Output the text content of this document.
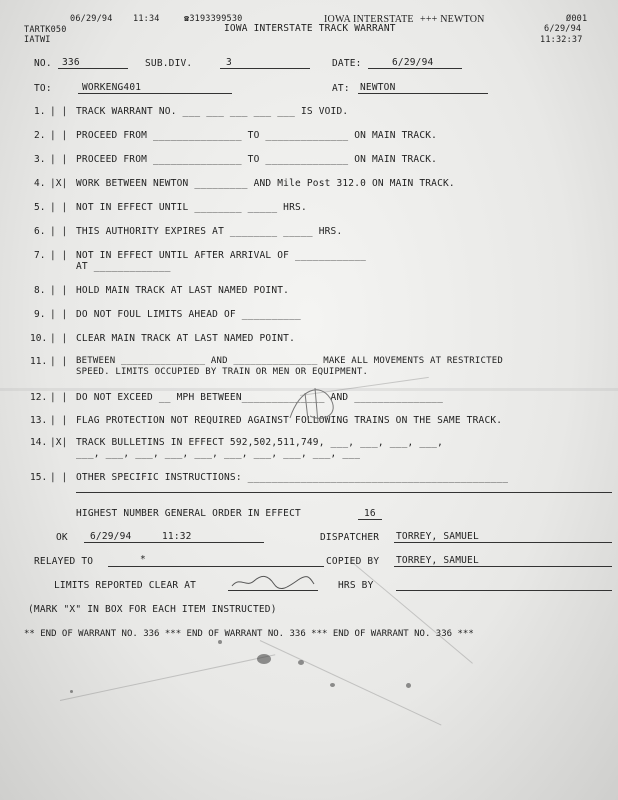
06/29/94 11:34	☎3193399530	IOWA INTERSTATE +++ NEWTON	Ø001
TARTK050	IOWA INTERSTATE TRACK WARRANT	6/29/94
IATWI	11:32:37
NO. 336	SUB.DIV.	3	DATE:	6/29/94
TO:	WORKENG401	AT: NEWTON
1. | | TRACK WARRANT NO. ___ ___ ___ ___ ___ IS VOID.
2. | | PROCEED FROM _______________ TO ______________ ON MAIN TRACK.
3. | | PROCEED FROM _______________ TO ______________ ON MAIN TRACK.
4. |X| WORK BETWEEN NEWTON _________ AND Mile Post 312.0 ON MAIN TRACK.
5. | | NOT IN EFFECT UNTIL ________ _____ HRS.
6. | | THIS AUTHORITY EXPIRES AT ________ _____ HRS.
7. | | NOT IN EFFECT UNTIL AFTER ARRIVAL OF ____________
AT _____________
8. | | HOLD MAIN TRACK AT LAST NAMED POINT.
9. | | DO NOT FOUL LIMITS AHEAD OF __________
10. | | CLEAR MAIN TRACK AT LAST NAMED POINT.
11. | | BETWEEN _______________ AND _______________ MAKE ALL MOVEMENTS AT RESTRICTED
SPEED. LIMITS OCCUPIED BY TRAIN OR MEN OR EQUIPMENT.
12. | | DO NOT EXCEED __ MPH BETWEEN______________ AND _______________
13. | | FLAG PROTECTION NOT REQUIRED AGAINST FOLLOWING TRAINS ON THE SAME TRACK.
14. |X| TRACK BULLETINS IN EFFECT 592,502,511,749, ___, ___, ___, ___,
___, ___, ___, ___, ___, ___, ___, ___, ___, ___
15. | | OTHER SPECIFIC INSTRUCTIONS: ____________________________________________
HIGHEST NUMBER GENERAL ORDER IN EFFECT	16
OK 6/29/94	11:32	DISPATCHER TORREY, SAMUEL
RELAYED TO	*	COPIED BY TORREY, SAMUEL
LIMITS REPORTED CLEAR AT	HRS BY
(MARK "X" IN BOX FOR EACH ITEM INSTRUCTED)
** END OF WARRANT NO. 336 *** END OF WARRANT NO. 336 *** END OF WARRANT NO. 336 ***
